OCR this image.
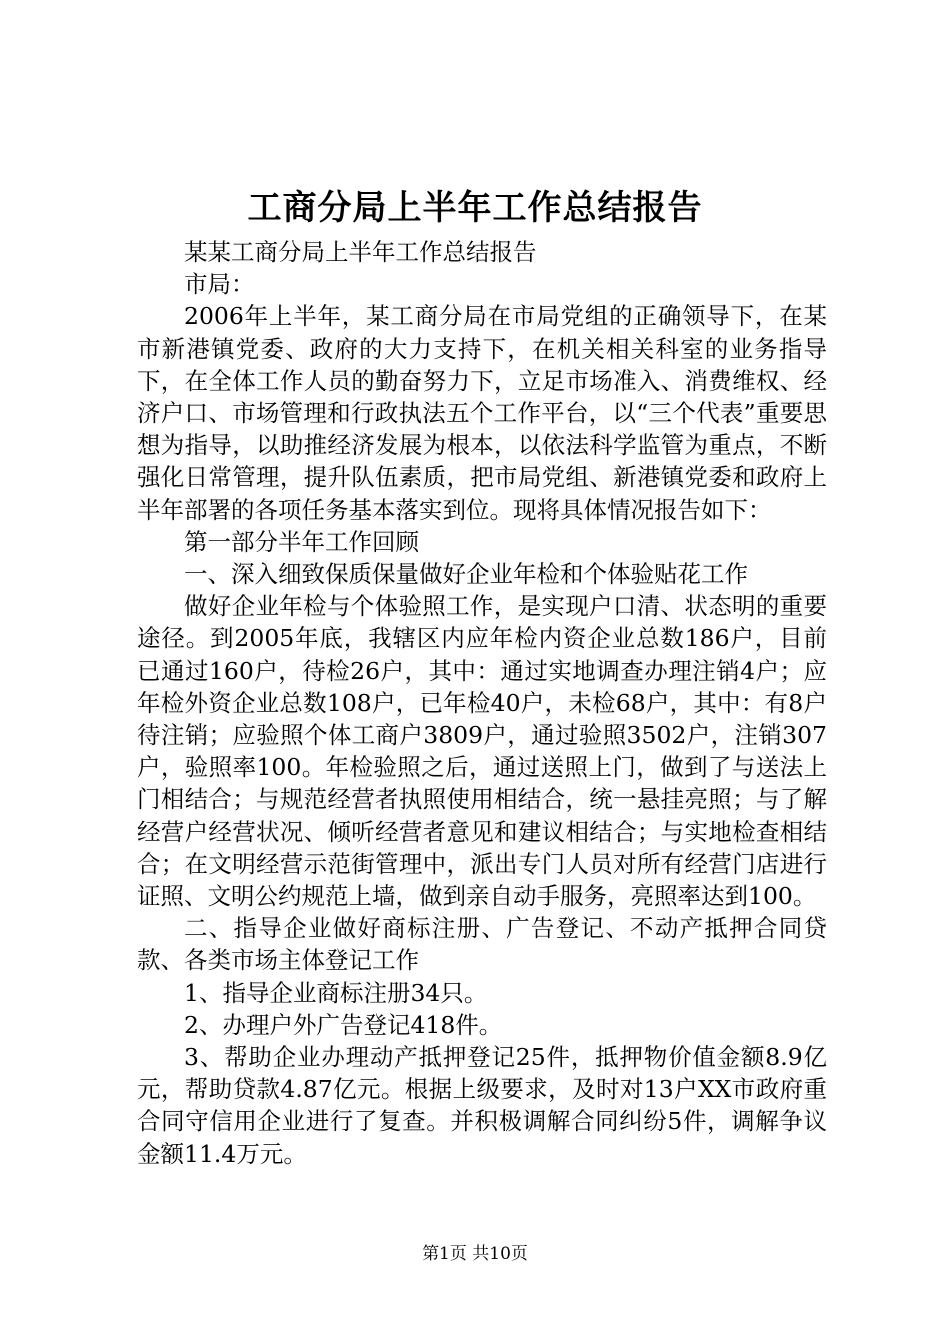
工商分局上半年工作总结报告

某某工商分局上半年工作总结报告

市局：

2006年上半年，某工商分局在市局党组的正确领导下，在某市新港镇党委、政府的大力支持下，在机关相关科室的业务指导下，在全体工作人员的勤奋努力下，立足市场准入、消费维权、经济户口、市场管理和行政执法五个工作平台，以“三个代表”重要思想为指导，以助推经济发展为根本，以依法科学监管为重点，不断强化日常管理，提升队伍素质，把市局党组、新港镇党委和政府上半年部署的各项任务基本落实到位。现将具体情况报告如下：

第一部分半年工作回顾

一、深入细致保质保量做好企业年检和个体验贴花工作

做好企业年检与个体验照工作，是实现户口清、状态明的重要途径。到2005年底，我辖区内应年检内资企业总数186户，目前已通过160户，待检26户，其中：通过实地调查办理注销4户；应年检外资企业总数108户，已年检40户，未检68户，其中：有8户待注销；应验照个体工商户3809户，通过验照3502户，注销307户，验照率100。年检验照之后，通过送照上门，做到了与送法上门相结合；与规范经营者执照使用相结合，统一悬挂亮照；与了解经营户经营状况、倾听经营者意见和建议相结合；与实地检查相结合；在文明经营示范街管理中，派出专门人员对所有经营门店进行证照、文明公约规范上墙，做到亲自动手服务，亮照率达到100。

二、指导企业做好商标注册、广告登记、不动产抵押合同贷款、各类市场主体登记工作

1、指导企业商标注册34只。

2、办理户外广告登记418件。

3、帮助企业办理动产抵押登记25件，抵押物价值金额8.9亿元，帮助贷款4.87亿元。根据上级要求，及时对13户XX市政府重合同守信用企业进行了复查。并积极调解合同纠纷5件，调解争议金额11.4万元。

第1页 共10页
